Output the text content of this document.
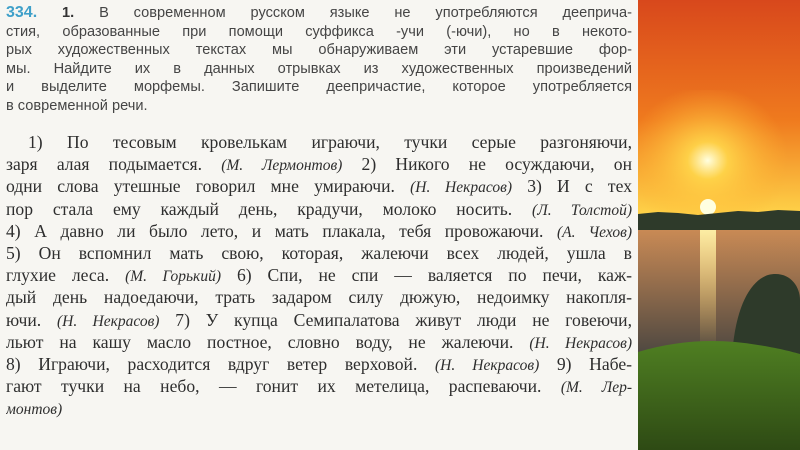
334. 1. В современном русском языке не употребляются дееприча-
стия, образованные при помощи суффикса -учи (-ючи), но в некото-
рых художественных текстах мы обнаруживаем эти устаревшие фор-
мы. Найдите их в данных отрывках из художественных произведений
и выделите морфемы. Запишите деепричастие, которое употребляется
в современной речи.
1) По тесовым кровелькам играючи, тучки серые разгоняючи,
заря алая подымается. (М. Лермонтов) 2) Никого не осуждаючи, он
одни слова утешные говорил мне умираючи. (Н. Некрасов) 3) И с тех
пор стала ему каждый день, крадучи, молоко носить. (Л. Толстой)
4) А давно ли было лето, и мать плакала, тебя провожаючи. (А. Чехов)
5) Он вспомнил мать свою, которая, жалеючи всех людей, ушла в
глухие леса. (М. Горький) 6) Спи, не спи — валяется по печи, каж-
дый день надоедаючи, трать задаром силу дюжую, недоимку накопля-
ючи. (Н. Некрасов) 7) У купца Семипалатова живут люди не говеючи,
льют на кашу масло постное, словно воду, не жалеючи. (Н. Некрасов)
8) Играючи, расходится вдруг ветер верховой. (Н. Некрасов) 9) Набе-
гают тучки на небо, — гонит их метелица, распеваючи. (М. Лер-
монтов)
